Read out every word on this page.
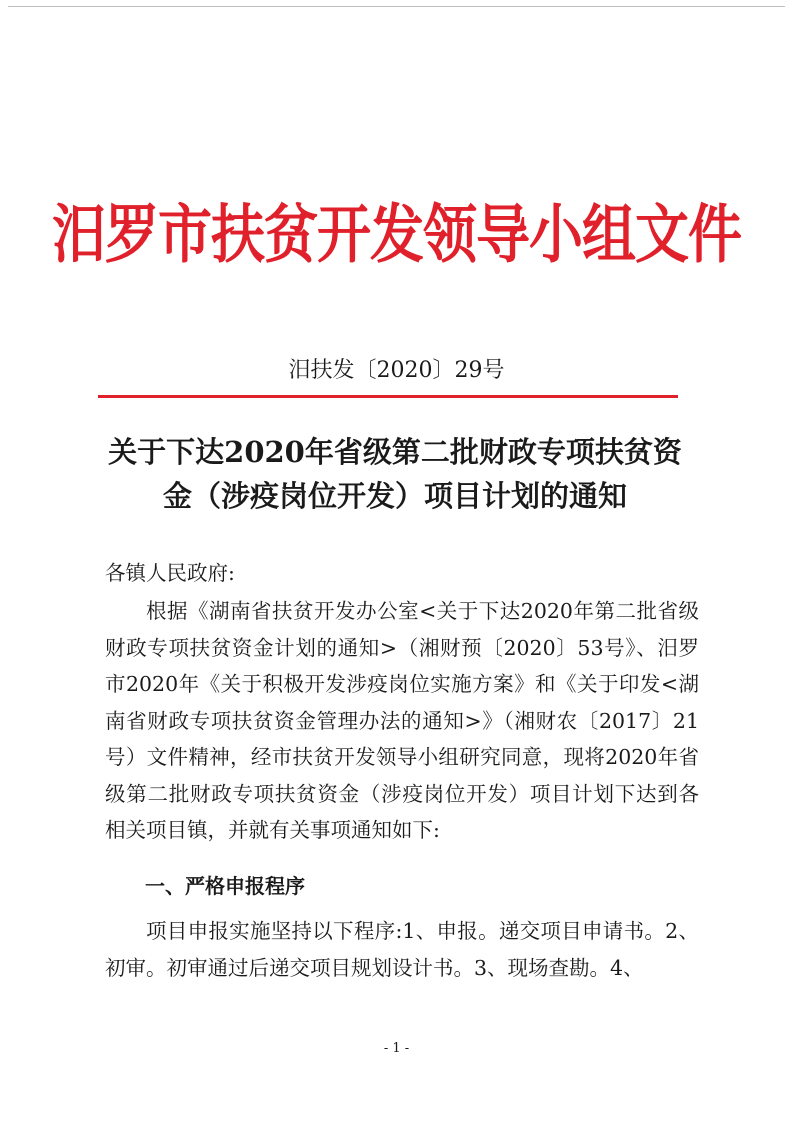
汨罗市扶贫开发领导小组文件
汨扶发〔2020〕29号
关于下达2020年省级第二批财政专项扶贫资
金（涉疫岗位开发）项目计划的通知
各镇人民政府:
根据《湖南省扶贫开发办公室<关于下达2020年第二批省级财政专项扶贫资金计划的通知>（湘财预〔2020〕53号》、汨罗市2020年《关于积极开发涉疫岗位实施方案》和《关于印发<湖南省财政专项扶贫资金管理办法的通知>》（湘财农〔2017〕21号）文件精神，经市扶贫开发领导小组研究同意，现将2020年省级第二批财政专项扶贫资金（涉疫岗位开发）项目计划下达到各相关项目镇，并就有关事项通知如下:
一、严格申报程序
项目申报实施坚持以下程序:1、申报。递交项目申请书。2、初审。初审通过后递交项目规划设计书。3、现场查勘。4、
- 1 -
